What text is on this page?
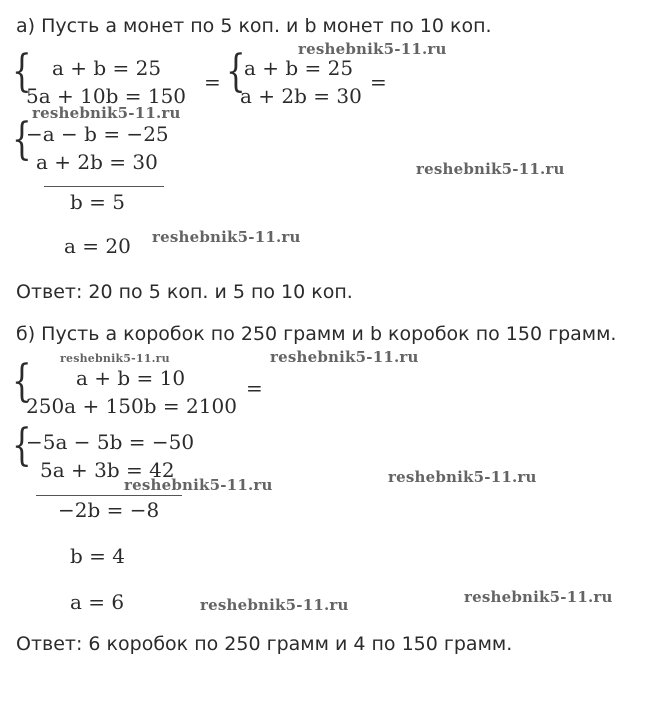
а) Пусть а монет по 5 коп. и b монет по 10 коп.
{ a + b = 25
5a + 10b = 150
= {
a + b = 25
a + 2b = 30
=
{
−a − b = −25
a + 2b = 30
b = 5
a = 20
Ответ: 20 по 5 коп. и 5 по 10 коп.
б) Пусть а коробок по 250 грамм и b коробок по 150 грамм.
{ a + b = 10
250a + 150b = 2100
=
{
−5a − 5b = −50
5a + 3b = 42
−2b = −8
b = 4
a = 6
Ответ: 6 коробок по 250 грамм и 4 по 150 грамм.
reshebnik5-11.ru
reshebnik5-11.ru
reshebnik5-11.ru
reshebnik5-11.ru
reshebnik5-11.ru	reshebnik5-11.ru
reshebnik5-11.ru
reshebnik5-11.ru
reshebnik5-11.ru	reshebnik5-11.ru
